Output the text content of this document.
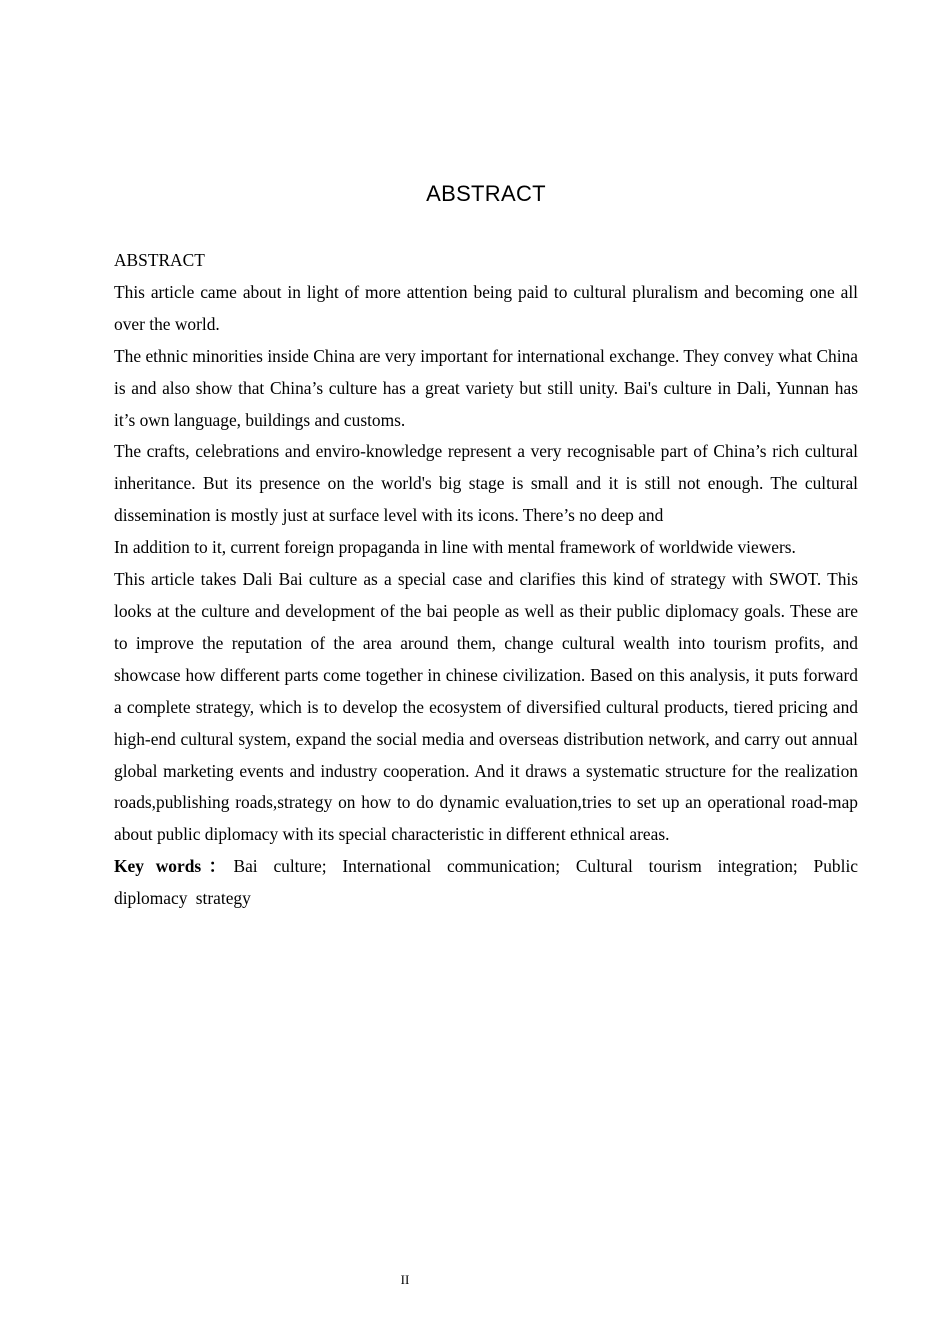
ABSTRACT

ABSTRACT

This article came about in light of more attention being paid to cultural pluralism and becoming one all over the world.

The ethnic minorities inside China are very important for international exchange. They convey what China is and also show that China’s culture has a great variety but still unity. Bai's culture in Dali, Yunnan has it’s own language, buildings and customs.

The crafts, celebrations and enviro-knowledge represent a very recognisable part of China’s rich cultural inheritance. But its presence on the world's big stage is small and it is still not enough. The cultural dissemination is mostly just at surface level with its icons. There’s no deep and

In addition to it, current foreign propaganda in line with mental framework of worldwide viewers.

This article takes Dali Bai culture as a special case and clarifies this kind of strategy with SWOT. This looks at the culture and development of the bai people as well as their public diplomacy goals. These are to improve the reputation of the area around them, change cultural wealth into tourism profits, and showcase how different parts come together in chinese civilization. Based on this analysis, it puts forward a complete strategy, which is to develop the ecosystem of diversified cultural products, tiered pricing and high-end cultural system, expand the social media and overseas distribution network, and carry out annual global marketing events and industry cooperation. And it draws a systematic structure for the realization roads,publishing roads,strategy on how to do dynamic evaluation,tries to set up an operational road-map about public diplomacy with its special characteristic in different ethnical areas.

Key words：Bai culture; International communication; Cultural tourism integration; Public diplomacy strategy

II
